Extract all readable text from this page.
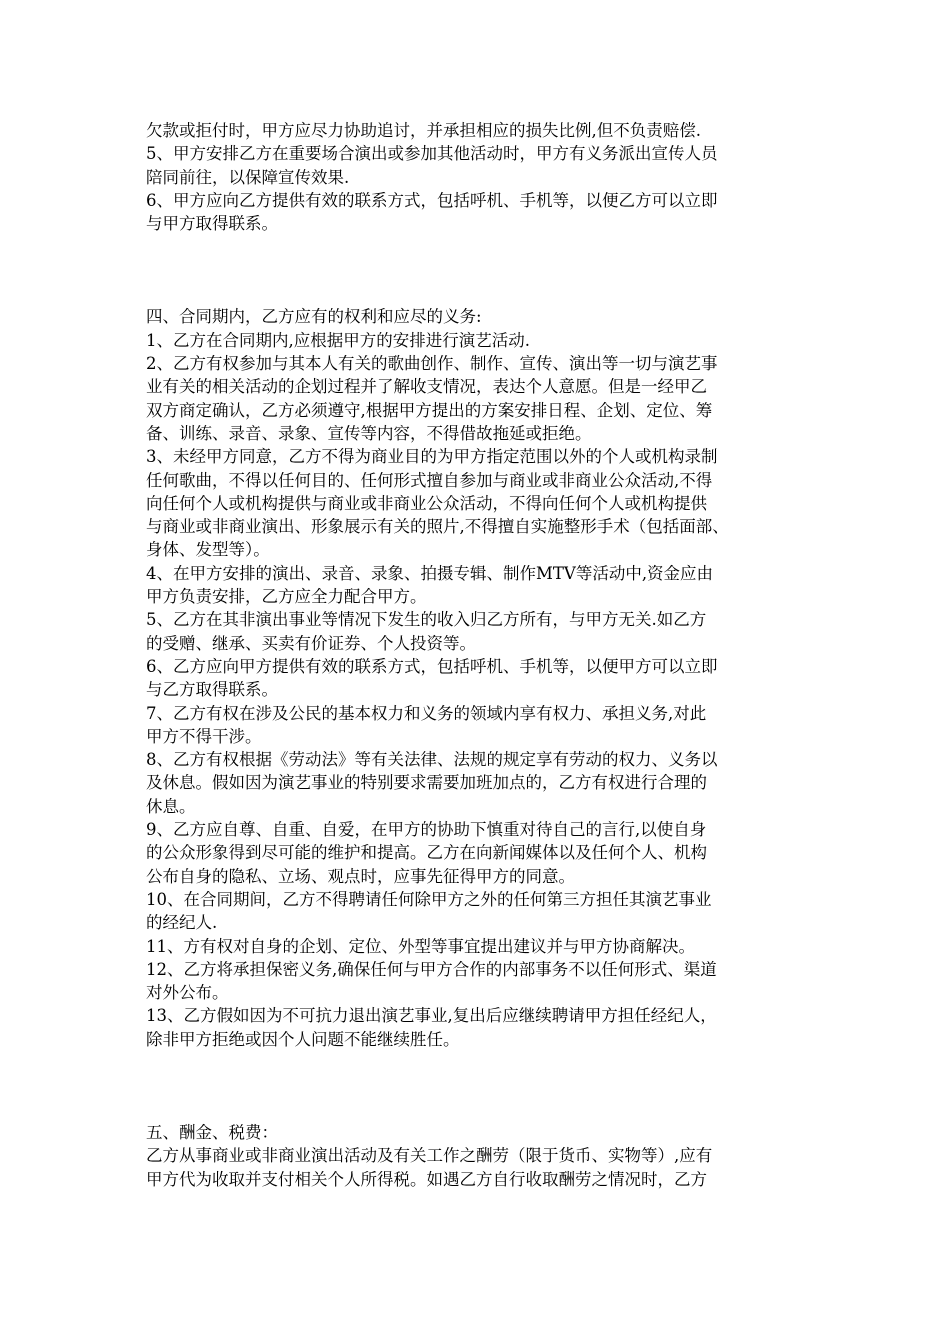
欠款或拒付时，甲方应尽力协助追讨，并承担相应的损失比例,但不负责赔偿.
5、甲方安排乙方在重要场合演出或参加其他活动时，甲方有义务派出宣传人员
陪同前往，以保障宣传效果.
6、甲方应向乙方提供有效的联系方式，包括呼机、手机等，以便乙方可以立即
与甲方取得联系。
四、合同期内，乙方应有的权利和应尽的义务:
1、乙方在合同期内,应根据甲方的安排进行演艺活动.
2、乙方有权参加与其本人有关的歌曲创作、制作、宣传、演出等一切与演艺事
业有关的相关活动的企划过程并了解收支情况，表达个人意愿。但是一经甲乙
双方商定确认，乙方必须遵守,根据甲方提出的方案安排日程、企划、定位、筹
备、训练、录音、录象、宣传等内容，不得借故拖延或拒绝。
3、未经甲方同意，乙方不得为商业目的为甲方指定范围以外的个人或机构录制
任何歌曲，不得以任何目的、任何形式擅自参加与商业或非商业公众活动,不得
向任何个人或机构提供与商业或非商业公众活动，不得向任何个人或机构提供
与商业或非商业演出、形象展示有关的照片,不得擅自实施整形手术（包括面部、
身体、发型等）。
4、在甲方安排的演出、录音、录象、拍摄专辑、制作MTV等活动中,资金应由
甲方负责安排，乙方应全力配合甲方。
5、乙方在其非演出事业等情况下发生的收入归乙方所有，与甲方无关.如乙方
的受赠、继承、买卖有价证券、个人投资等。
6、乙方应向甲方提供有效的联系方式，包括呼机、手机等，以便甲方可以立即
与乙方取得联系。
7、乙方有权在涉及公民的基本权力和义务的领域内享有权力、承担义务,对此
甲方不得干涉。
8、乙方有权根据《劳动法》等有关法律、法规的规定享有劳动的权力、义务以
及休息。假如因为演艺事业的特别要求需要加班加点的，乙方有权进行合理的
休息。
9、乙方应自尊、自重、自爱，在甲方的协助下慎重对待自己的言行,以使自身
的公众形象得到尽可能的维护和提高。乙方在向新闻媒体以及任何个人、机构
公布自身的隐私、立场、观点时，应事先征得甲方的同意。
10、在合同期间，乙方不得聘请任何除甲方之外的任何第三方担任其演艺事业
的经纪人.
11、方有权对自身的企划、定位、外型等事宜提出建议并与甲方协商解决。
12、乙方将承担保密义务,确保任何与甲方合作的内部事务不以任何形式、渠道
对外公布。
13、乙方假如因为不可抗力退出演艺事业,复出后应继续聘请甲方担任经纪人，
除非甲方拒绝或因个人问题不能继续胜任。
五、酬金、税费：
乙方从事商业或非商业演出活动及有关工作之酬劳（限于货币、实物等）,应有
甲方代为收取并支付相关个人所得税。如遇乙方自行收取酬劳之情况时，乙方
